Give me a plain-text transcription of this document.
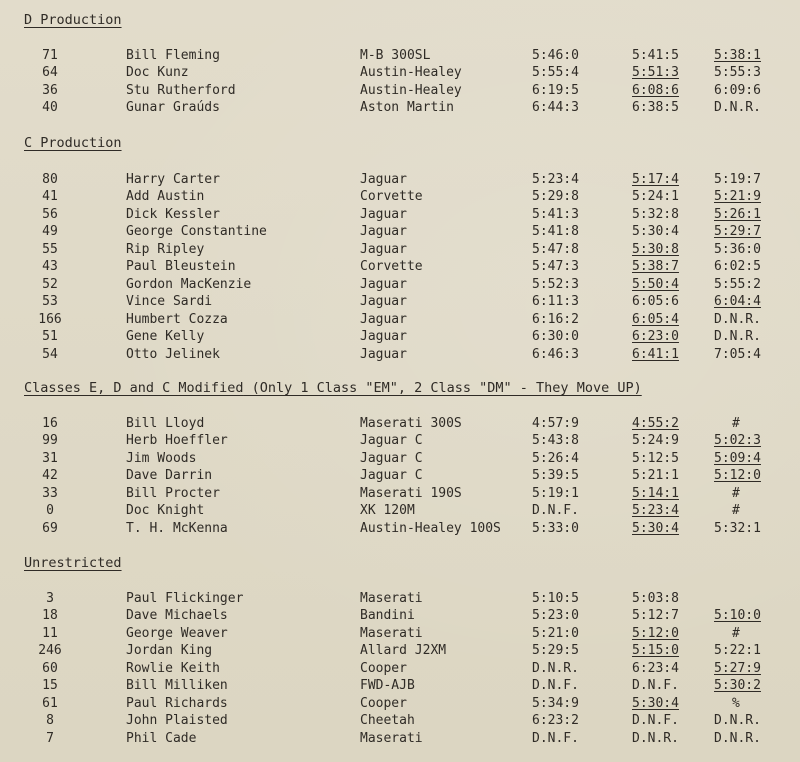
D Production
C Production
Classes E, D and C Modified (Only 1 Class "EM", 2 Class "DM" - They Move UP)
Unrestricted
71	Bill Fleming	M-B 300SL	5:46:0	5:41:5	5:38:1
64	Doc Kunz	Austin-Healey	5:55:4	5:51:3	5:55:3
36	Stu Rutherford	Austin-Healey	6:19:5	6:08:6	6:09:6
40	Gunar Graúds	Aston Martin	6:44:3	6:38:5	D.N.R.
80	Harry Carter	Jaguar	5:23:4	5:17:4	5:19:7
41	Add Austin	Corvette	5:29:8	5:24:1	5:21:9
56	Dick Kessler	Jaguar	5:41:3	5:32:8	5:26:1
49	George Constantine	Jaguar	5:41:8	5:30:4	5:29:7
55	Rip Ripley	Jaguar	5:47:8	5:30:8	5:36:0
43	Paul Bleustein	Corvette	5:47:3	5:38:7	6:02:5
52	Gordon MacKenzie	Jaguar	5:52:3	5:50:4	5:55:2
53	Vince Sardi	Jaguar	6:11:3	6:05:6	6:04:4
166	Humbert Cozza	Jaguar	6:16:2	6:05:4	D.N.R.
51	Gene Kelly	Jaguar	6:30:0	6:23:0	D.N.R.
54	Otto Jelinek	Jaguar	6:46:3	6:41:1	7:05:4
16	Bill Lloyd	Maserati 300S	4:57:9	4:55:2	#
99	Herb Hoeffler	Jaguar C	5:43:8	5:24:9	5:02:3
31	Jim Woods	Jaguar C	5:26:4	5:12:5	5:09:4
42	Dave Darrin	Jaguar C	5:39:5	5:21:1	5:12:0
33	Bill Procter	Maserati 190S	5:19:1	5:14:1	#
0	Doc Knight	XK 120M	D.N.F.	5:23:4	#
69	T. H. McKenna	Austin-Healey 100S 5:33:0	5:30:4	5:32:1
3	Paul Flickinger	Maserati	5:10:5	5:03:8
18	Dave Michaels	Bandini	5:23:0	5:12:7	5:10:0
11	George Weaver	Maserati	5:21:0	5:12:0	#
246	Jordan King	Allard J2XM	5:29:5	5:15:0	5:22:1
60	Rowlie Keith	Cooper	D.N.R.	6:23:4	5:27:9
15	Bill Milliken	FWD-AJB	D.N.F.	D.N.F.	5:30:2
61	Paul Richards	Cooper	5:34:9	5:30:4	%
8	John Plaisted	Cheetah	6:23:2	D.N.F.	D.N.R.
7	Phil Cade	Maserati	D.N.F.	D.N.R.	D.N.R.
